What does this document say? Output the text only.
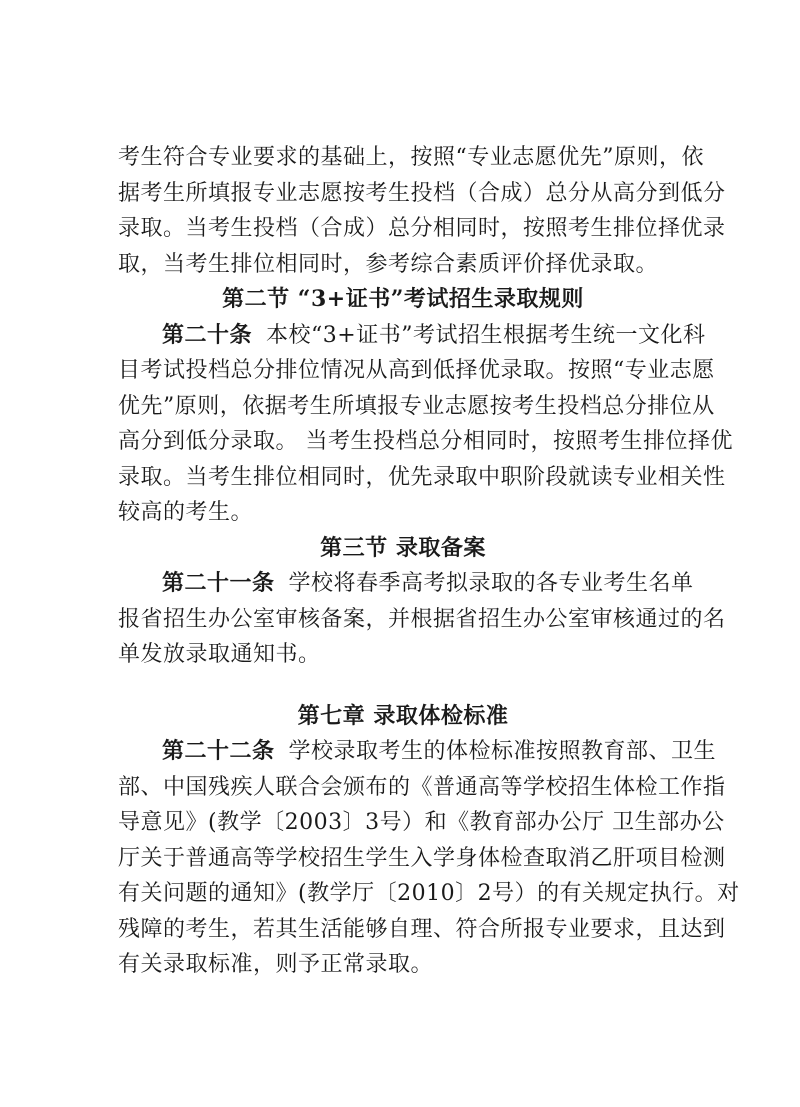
考生符合专业要求的基础上，按照“专业志愿优先”原则，依
据考生所填报专业志愿按考生投档（合成）总分从高分到低分
录取。当考生投档（合成）总分相同时，按照考生排位择优录
取，当考生排位相同时，参考综合素质评价择优录取。
第二节 “3+证书”考试招生录取规则
第二十条 本校“3+证书”考试招生根据考生统一文化科
目考试投档总分排位情况从高到低择优录取。按照“专业志愿
优先”原则，依据考生所填报专业志愿按考生投档总分排位从
高分到低分录取。 当考生投档总分相同时，按照考生排位择优
录取。当考生排位相同时，优先录取中职阶段就读专业相关性
较高的考生。
第三节 录取备案
第二十一条 学校将春季高考拟录取的各专业考生名单
报省招生办公室审核备案，并根据省招生办公室审核通过的名
单发放录取通知书。
第七章 录取体检标准
第二十二条 学校录取考生的体检标准按照教育部、卫生
部、中国残疾人联合会颁布的《普通高等学校招生体检工作指
导意见》(教学〔2003〕3号）和《教育部办公厅 卫生部办公
厅关于普通高等学校招生学生入学身体检查取消乙肝项目检测
有关问题的通知》(教学厅〔2010〕2号）的有关规定执行。对
残障的考生，若其生活能够自理、符合所报专业要求，且达到
有关录取标准，则予正常录取。
